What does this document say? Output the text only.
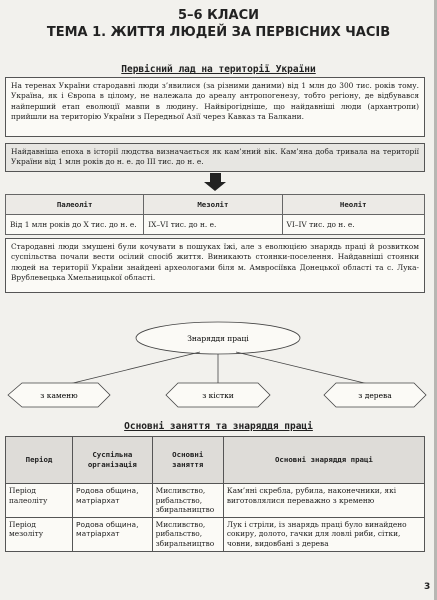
5–6 КЛАСИ
ТЕМА 1. ЖИТТЯ ЛЮДЕЙ ЗА ПЕРВІСНИХ ЧАСІВ
Первісний лад на території України
На теренах України стародавні люди з’явилися (за різними даними) від 1 млн до 300 тис. років тому. Україна, як і Європа в цілому, не належала до ареалу антропогенезу, тобто регіону, де відбувався найперший етап еволюції мавпи в людину. Найвірогідніше, що найдавніші люди (архантропи) прийшли на територію України з Передньої Азії через Кавказ та Балкани.
Найдавніша епоха в історії людства визначається як кам’яний вік. Кам’яна доба тривала на території України від 1 млн років до н. е. до ІІІ тис. до н. е.
Палеоліт	Мезоліт	Неоліт
Від 1 млн років до Х тис. до н. е.	ІХ–VI тис. до н. е.	VI–IV тис. до н. е.
Стародавні люди змушені були кочувати в пошуках їжі, але з еволюцією знарядь праці й розвитком суспільства почали вести осілий спосіб життя. Виникають стоянки-поселення. Найдавніші стоянки людей на території України знайдені археологами біля м. Амвросіївка Донецької області та с. Лука-Врублевецька Хмельницької області.
Знаряддя праці
з каменю	з кістки	з дерева
Основні заняття та знаряддя праці
Період	Суспільна організація	Основні заняття	Основні знаряддя праці
Період палеоліту	Родова община, матріархат	Мисливство, рибальство, збиральництво	Кам’яні скребла, рубила, наконечники, які виготовлялися переважно з кременю
Період мезоліту	Родова община, матріархат	Мисливство, рибальство, збиральництво	Лук і стріли, із знарядь праці було винайдено сокиру, долото, гачки для ловлі риби, сітки, човни, видовбані з дерева
3
